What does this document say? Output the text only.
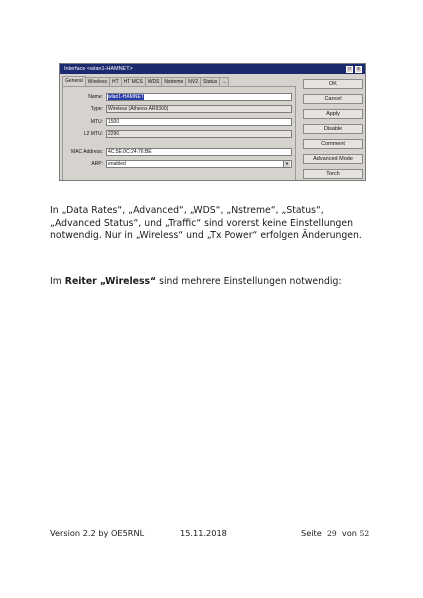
Interface <wlan1-HAMNET>	□	x
General	Wireless	HT	HT MCS	WDS	Nstreme	NV2	Status	...
Name:	wlan1-HAMNET
Type:	Wireless (Atheros AR9300)
MTU:	1500
L2 MTU:	2290
MAC Address:	4C:5E:0C:24:76:BE
ARP:	enabled	▼
OK
Cancel
Apply
Disable
Comment
Advanced Mode
Torch

In „Data Rates“, „Advanced“, „WDS“, „Nstreme“, „Status“, „Advanced Status“, und „Traffic“ sind vorerst keine Einstellungen notwendig. Nur in „Wireless“ und „Tx Power“ erfolgen Änderungen.

Im Reiter „Wireless“ sind mehrere Einstellungen notwendig:

Version 2.2 by OE5RNL	15.11.2018	Seite 29 von 52
